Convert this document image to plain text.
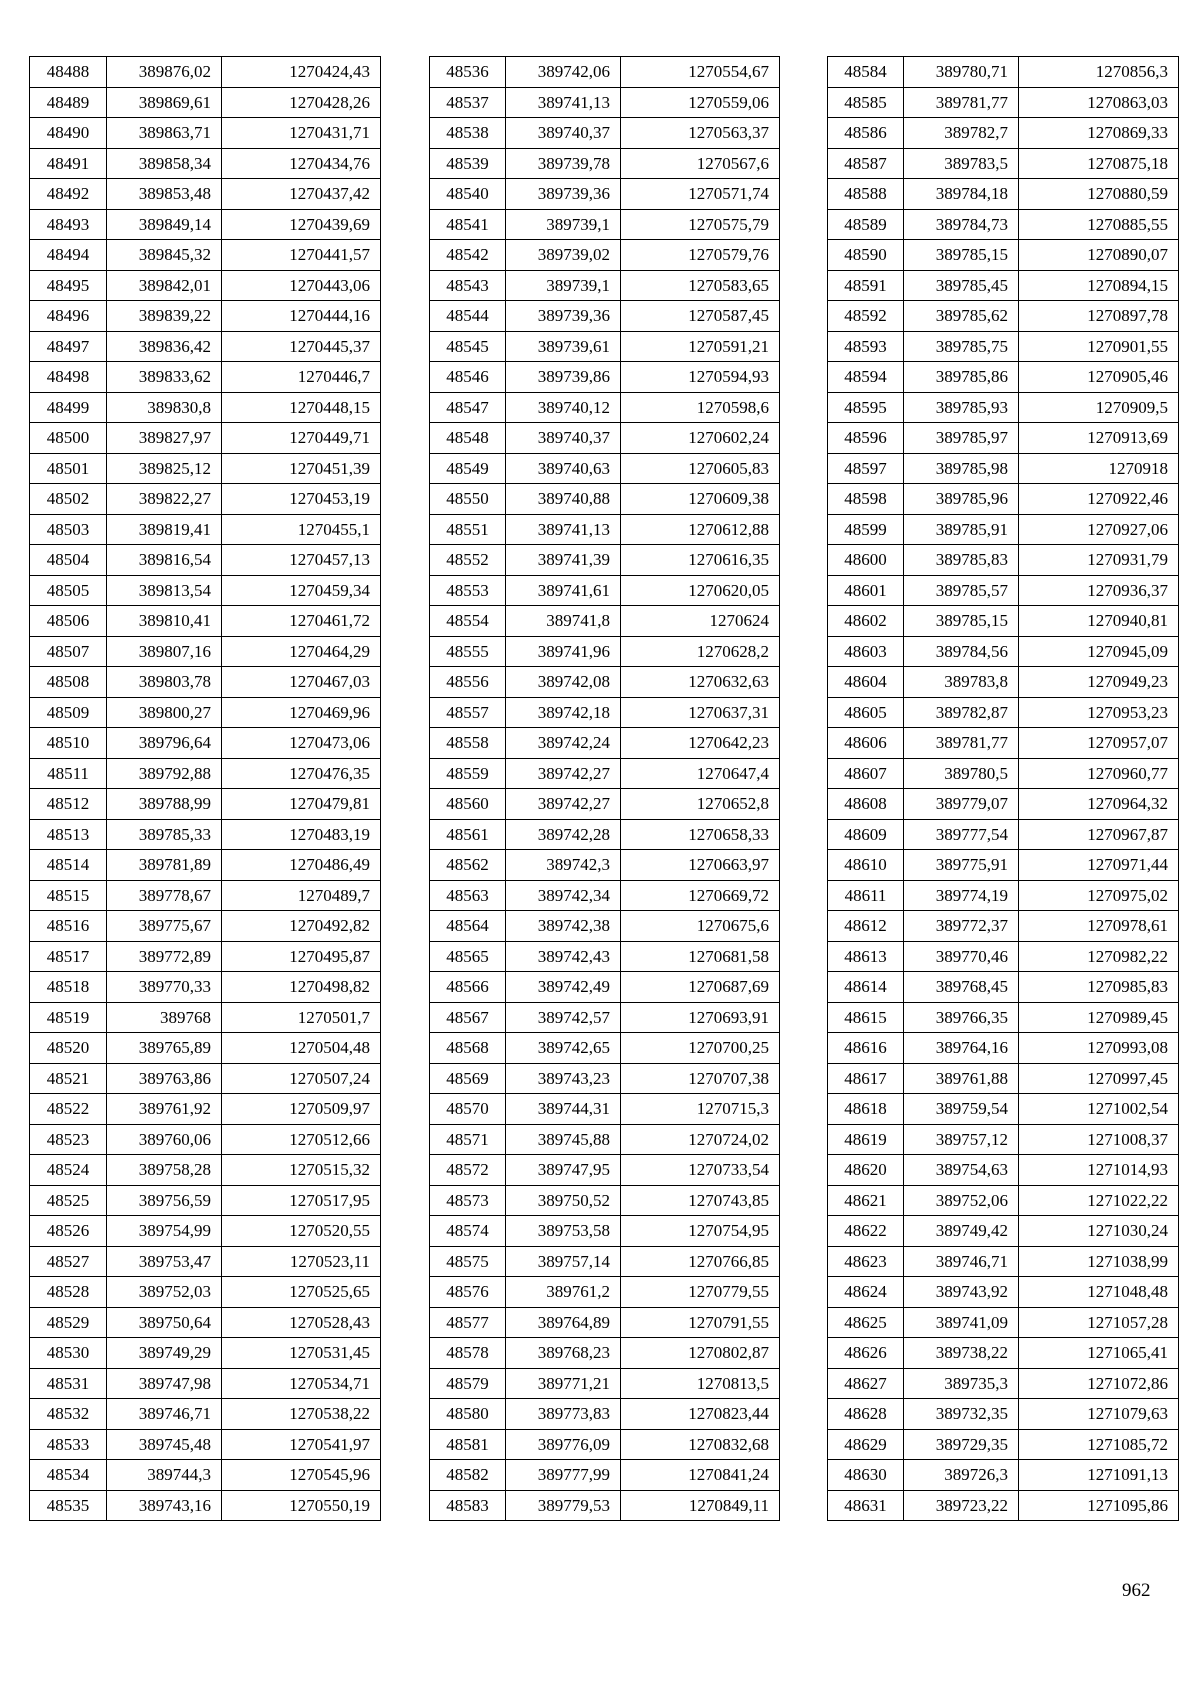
48488	389876,02	1270424,43
48489	389869,61	1270428,26
48490	389863,71	1270431,71
48491	389858,34	1270434,76
48492	389853,48	1270437,42
48493	389849,14	1270439,69
48494	389845,32	1270441,57
48495	389842,01	1270443,06
48496	389839,22	1270444,16
48497	389836,42	1270445,37
48498	389833,62	1270446,7
48499	389830,8	1270448,15
48500	389827,97	1270449,71
48501	389825,12	1270451,39
48502	389822,27	1270453,19
48503	389819,41	1270455,1
48504	389816,54	1270457,13
48505	389813,54	1270459,34
48506	389810,41	1270461,72
48507	389807,16	1270464,29
48508	389803,78	1270467,03
48509	389800,27	1270469,96
48510	389796,64	1270473,06
48511	389792,88	1270476,35
48512	389788,99	1270479,81
48513	389785,33	1270483,19
48514	389781,89	1270486,49
48515	389778,67	1270489,7
48516	389775,67	1270492,82
48517	389772,89	1270495,87
48518	389770,33	1270498,82
48519	389768	1270501,7
48520	389765,89	1270504,48
48521	389763,86	1270507,24
48522	389761,92	1270509,97
48523	389760,06	1270512,66
48524	389758,28	1270515,32
48525	389756,59	1270517,95
48526	389754,99	1270520,55
48527	389753,47	1270523,11
48528	389752,03	1270525,65
48529	389750,64	1270528,43
48530	389749,29	1270531,45
48531	389747,98	1270534,71
48532	389746,71	1270538,22
48533	389745,48	1270541,97
48534	389744,3	1270545,96
48535	389743,16	1270550,19
48536	389742,06	1270554,67
48537	389741,13	1270559,06
48538	389740,37	1270563,37
48539	389739,78	1270567,6
48540	389739,36	1270571,74
48541	389739,1	1270575,79
48542	389739,02	1270579,76
48543	389739,1	1270583,65
48544	389739,36	1270587,45
48545	389739,61	1270591,21
48546	389739,86	1270594,93
48547	389740,12	1270598,6
48548	389740,37	1270602,24
48549	389740,63	1270605,83
48550	389740,88	1270609,38
48551	389741,13	1270612,88
48552	389741,39	1270616,35
48553	389741,61	1270620,05
48554	389741,8	1270624
48555	389741,96	1270628,2
48556	389742,08	1270632,63
48557	389742,18	1270637,31
48558	389742,24	1270642,23
48559	389742,27	1270647,4
48560	389742,27	1270652,8
48561	389742,28	1270658,33
48562	389742,3	1270663,97
48563	389742,34	1270669,72
48564	389742,38	1270675,6
48565	389742,43	1270681,58
48566	389742,49	1270687,69
48567	389742,57	1270693,91
48568	389742,65	1270700,25
48569	389743,23	1270707,38
48570	389744,31	1270715,3
48571	389745,88	1270724,02
48572	389747,95	1270733,54
48573	389750,52	1270743,85
48574	389753,58	1270754,95
48575	389757,14	1270766,85
48576	389761,2	1270779,55
48577	389764,89	1270791,55
48578	389768,23	1270802,87
48579	389771,21	1270813,5
48580	389773,83	1270823,44
48581	389776,09	1270832,68
48582	389777,99	1270841,24
48583	389779,53	1270849,11
48584	389780,71	1270856,3
48585	389781,77	1270863,03
48586	389782,7	1270869,33
48587	389783,5	1270875,18
48588	389784,18	1270880,59
48589	389784,73	1270885,55
48590	389785,15	1270890,07
48591	389785,45	1270894,15
48592	389785,62	1270897,78
48593	389785,75	1270901,55
48594	389785,86	1270905,46
48595	389785,93	1270909,5
48596	389785,97	1270913,69
48597	389785,98	1270918
48598	389785,96	1270922,46
48599	389785,91	1270927,06
48600	389785,83	1270931,79
48601	389785,57	1270936,37
48602	389785,15	1270940,81
48603	389784,56	1270945,09
48604	389783,8	1270949,23
48605	389782,87	1270953,23
48606	389781,77	1270957,07
48607	389780,5	1270960,77
48608	389779,07	1270964,32
48609	389777,54	1270967,87
48610	389775,91	1270971,44
48611	389774,19	1270975,02
48612	389772,37	1270978,61
48613	389770,46	1270982,22
48614	389768,45	1270985,83
48615	389766,35	1270989,45
48616	389764,16	1270993,08
48617	389761,88	1270997,45
48618	389759,54	1271002,54
48619	389757,12	1271008,37
48620	389754,63	1271014,93
48621	389752,06	1271022,22
48622	389749,42	1271030,24
48623	389746,71	1271038,99
48624	389743,92	1271048,48
48625	389741,09	1271057,28
48626	389738,22	1271065,41
48627	389735,3	1271072,86
48628	389732,35	1271079,63
48629	389729,35	1271085,72
48630	389726,3	1271091,13
48631	389723,22	1271095,86
962
